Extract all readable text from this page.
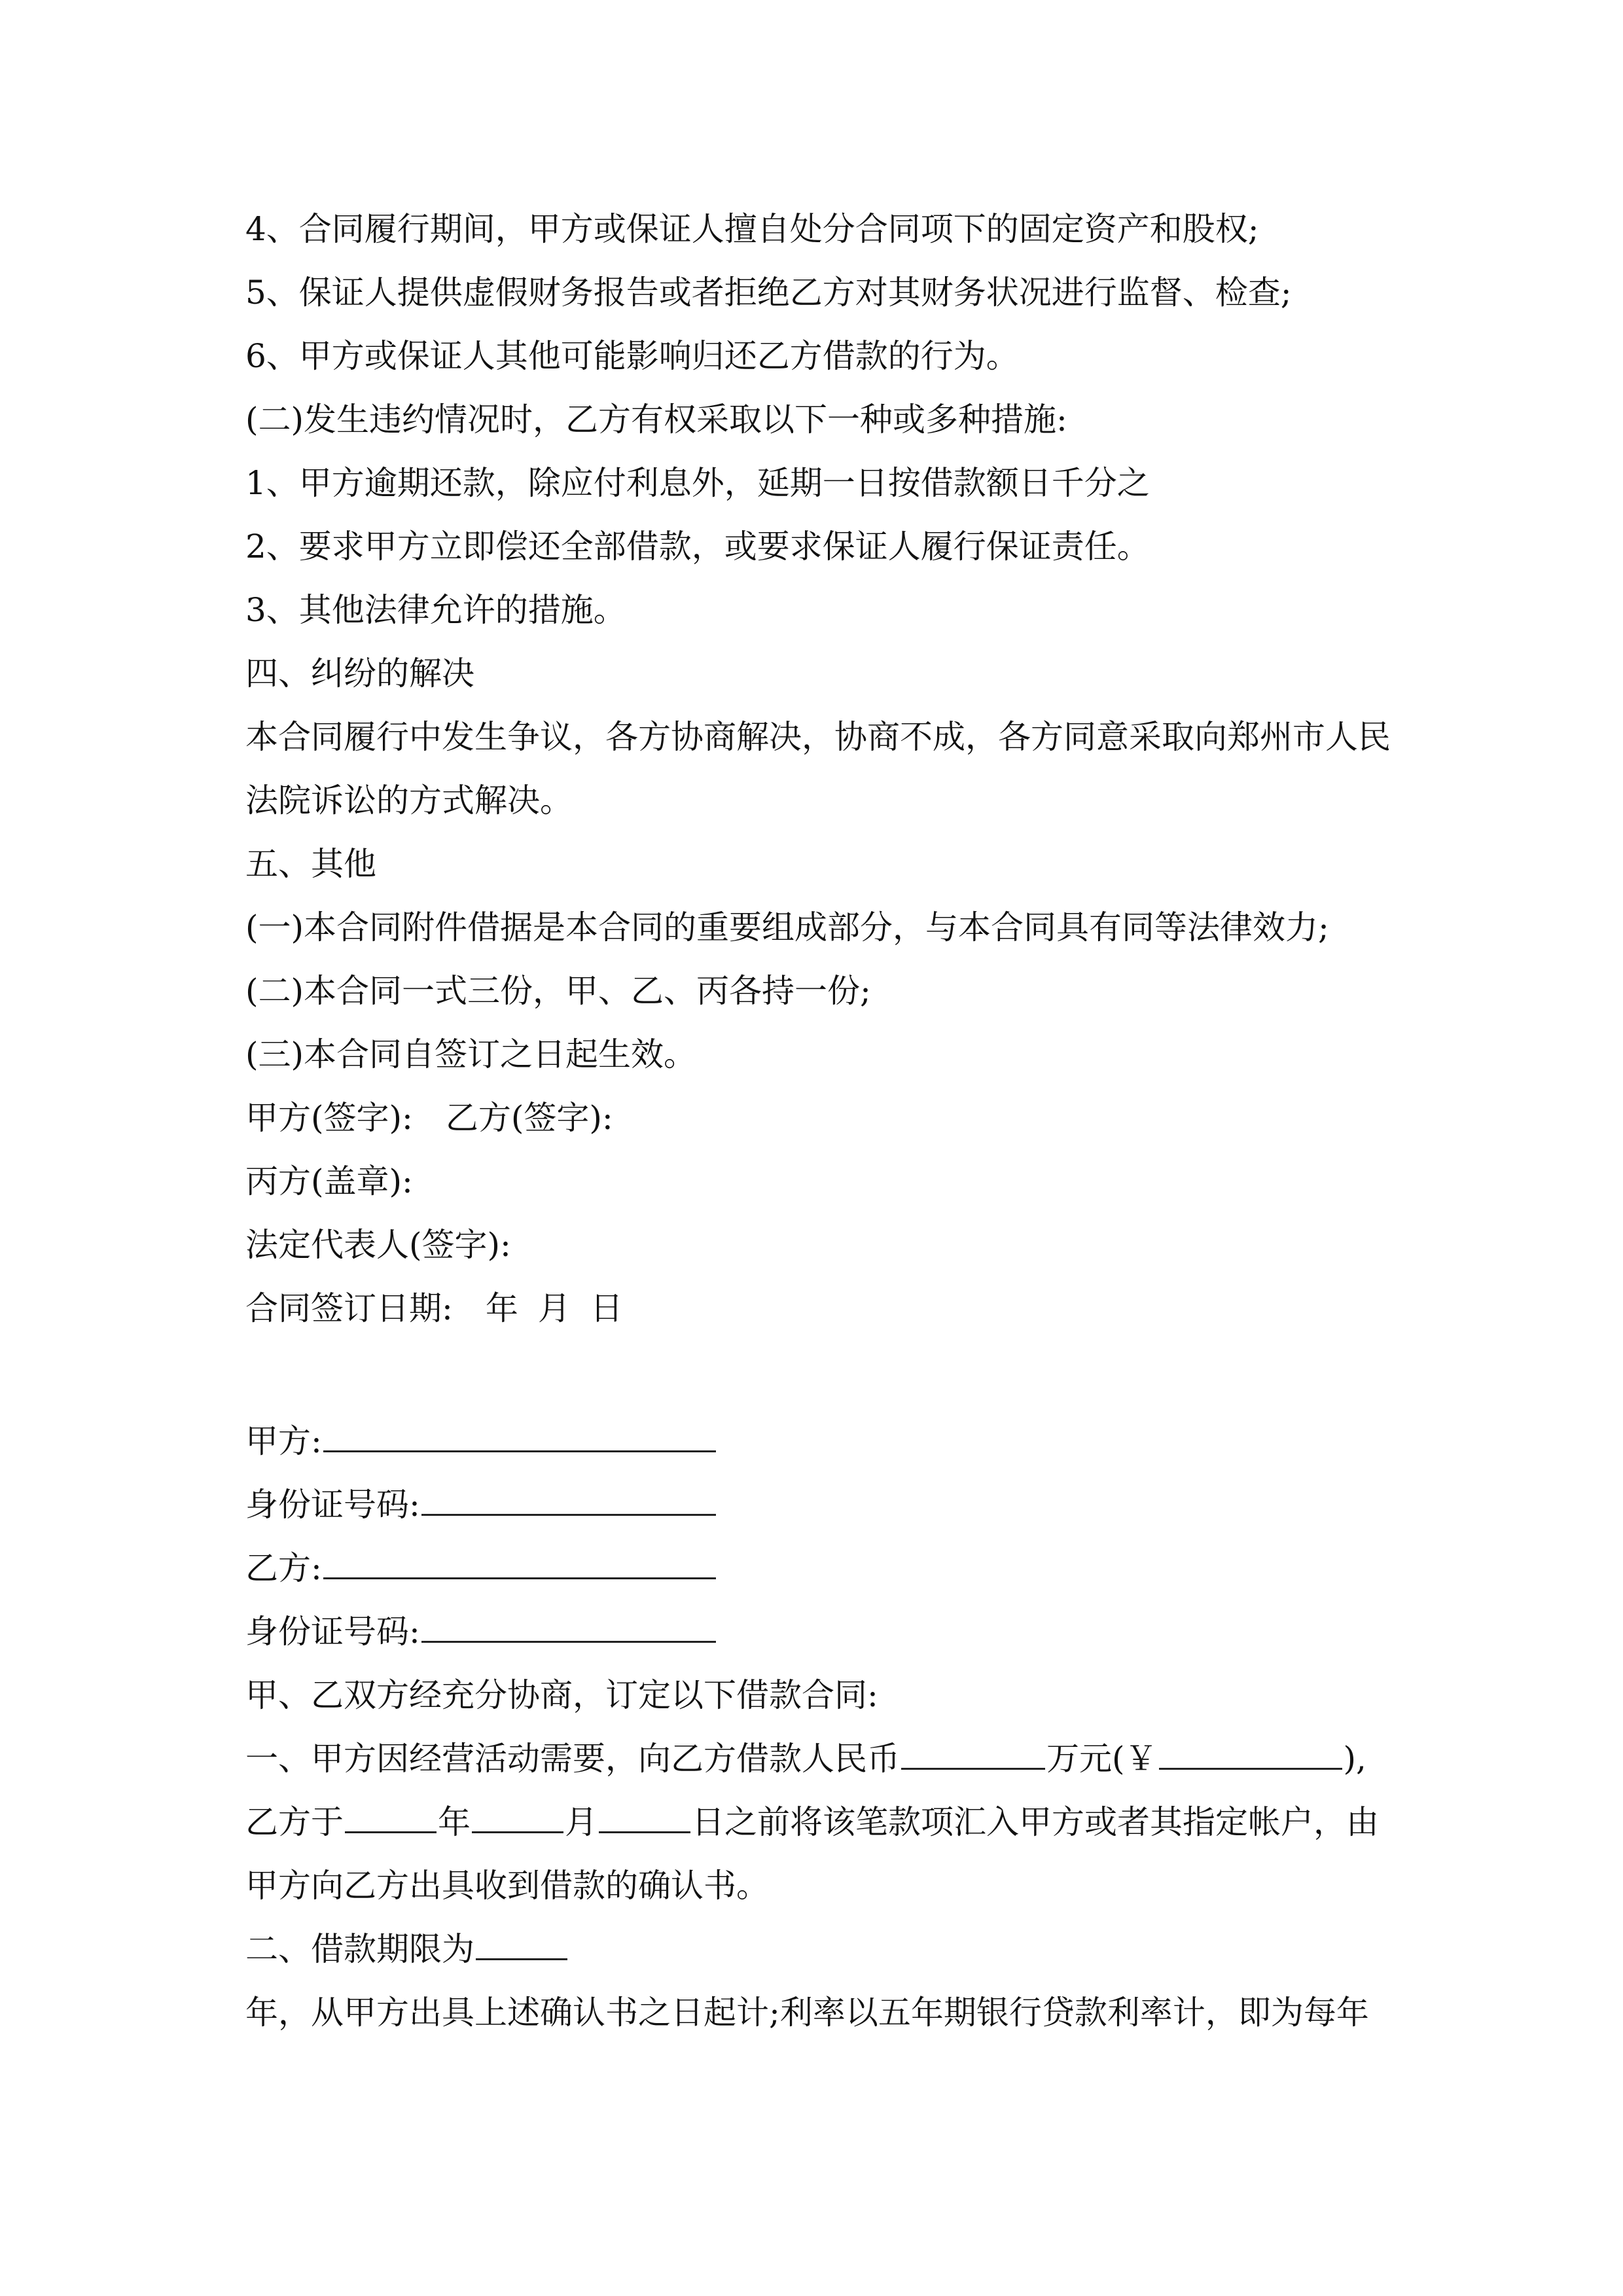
4、合同履行期间，甲方或保证人擅自处分合同项下的固定资产和股权;
5、保证人提供虚假财务报告或者拒绝乙方对其财务状况进行监督、检查;
6、甲方或保证人其他可能影响归还乙方借款的行为。
(二)发生违约情况时，乙方有权采取以下一种或多种措施:
1、甲方逾期还款，除应付利息外，延期一日按借款额日千分之
2、要求甲方立即偿还全部借款，或要求保证人履行保证责任。
3、其他法律允许的措施。
四、纠纷的解决
本合同履行中发生争议，各方协商解决，协商不成，各方同意采取向郑州市人民
法院诉讼的方式解决。
五、其他
(一)本合同附件借据是本合同的重要组成部分，与本合同具有同等法律效力;
(二)本合同一式三份，甲、乙、丙各持一份;
(三)本合同自签订之日起生效。
甲方(签字): 乙方(签字):
丙方(盖章):
法定代表人(签字):
合同签订日期: 年 月 日
甲方:
身份证号码:
乙方:
身份证号码:
甲、乙双方经充分协商，订定以下借款合同:
一、甲方因经营活动需要，向乙方借款人民币	万元(￥	),
乙方于	年	月	日之前将该笔款项汇入甲方或者其指定帐户，由
甲方向乙方出具收到借款的确认书。
二、借款期限为
年，从甲方出具上述确认书之日起计;利率以五年期银行贷款利率计，即为每年
